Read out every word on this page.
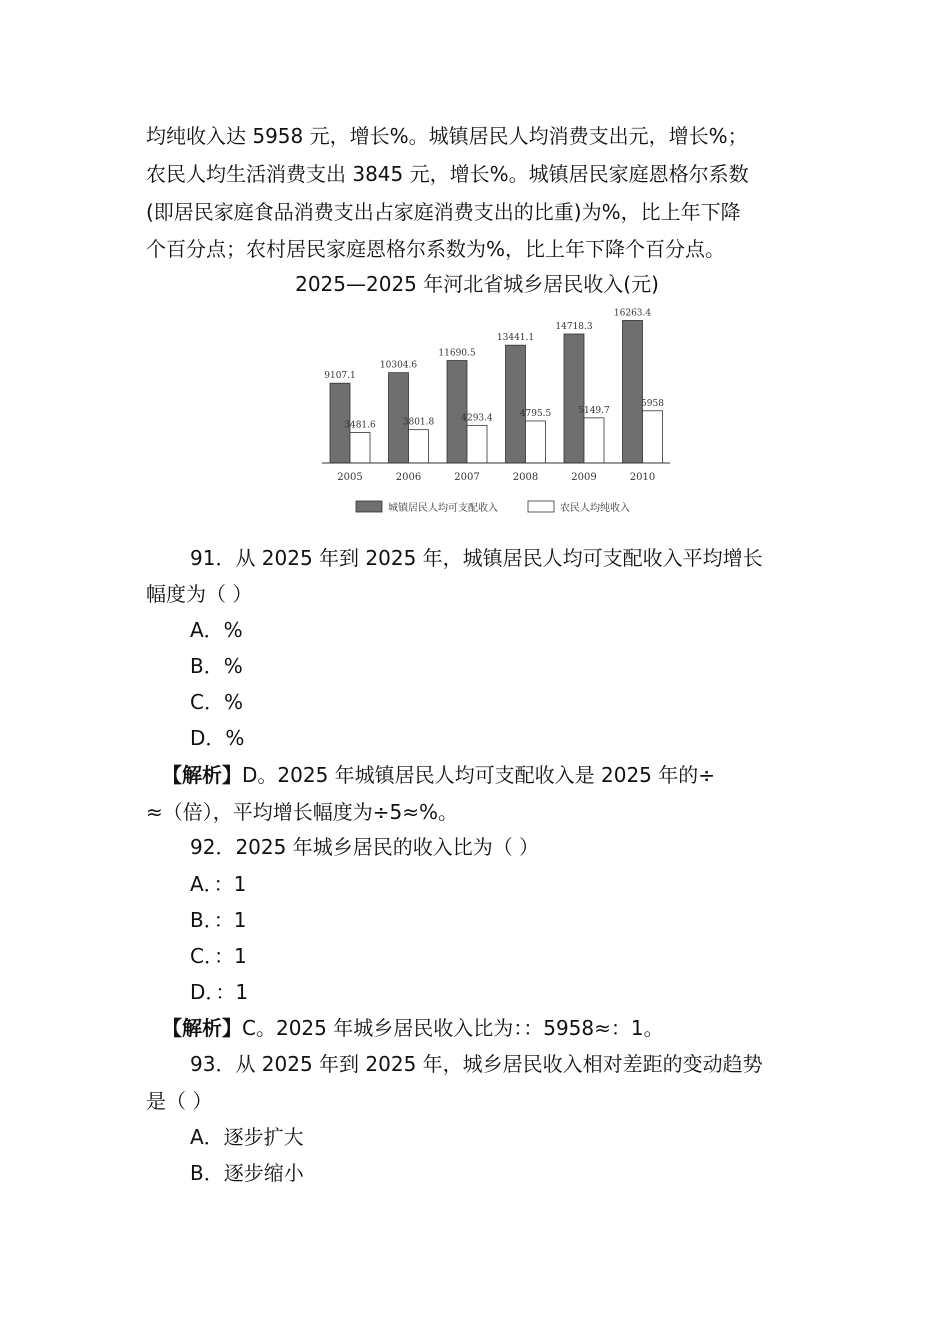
均纯收入达 5958 元，增长%。城镇居民人均消费支出元，增长%；
农民人均生活消费支出 3845 元，增长%。城镇居民家庭恩格尔系数
(即居民家庭食品消费支出占家庭消费支出的比重)为%，比上年下降
个百分点；农村居民家庭恩格尔系数为%，比上年下降个百分点。
2025—2025 年河北省城乡居民收入(元)
9107.1
3481.6
2005
10304.6
3801.8
2006
11690.5
4293.4
2007
13441.1
4795.5
2008
14718.3
5149.7
2009
16263.4
5958
2010
城镇居民人均可支配收入	农民人均纯收入
91．从 2025 年到 2025 年，城镇居民人均可支配收入平均增长
幅度为（ ）
A．%
B．%
C．%
D．%
【解析】D。2025 年城镇居民人均可支配收入是 2025 年的÷
≈（倍），平均增长幅度为÷5≈%。
92．2025 年城乡居民的收入比为（ ）
A．：1
B．：1
C．：1
D．：1
【解析】C。2025 年城乡居民收入比为：：5958≈：1。
93．从 2025 年到 2025 年，城乡居民收入相对差距的变动趋势
是（ ）
A．逐步扩大
B．逐步缩小
